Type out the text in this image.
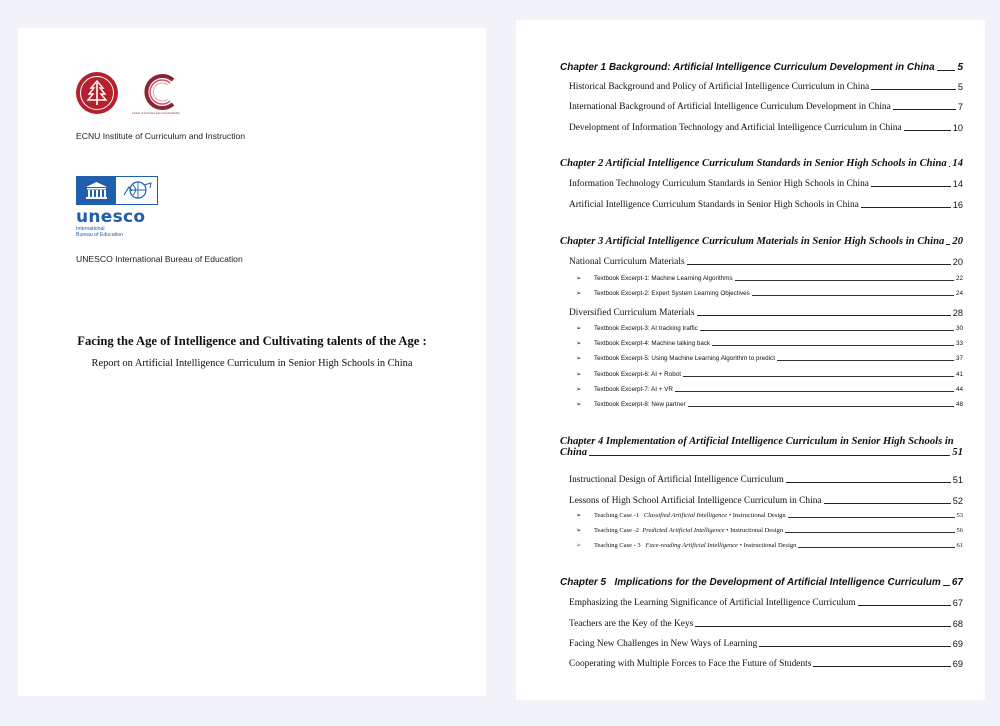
Institute of Curriculum and Instruction(ECNU)
ECNU Institute of Curriculum and Instruction
unesco
International
Bureau of Education
UNESCO International Bureau of Education
Facing the Age of Intelligence and Cultivating talents of the Age :
Report on Artificial Intelligence Curriculum in Senior High Schools in China
Chapter 1 Background: Artificial Intelligence Curriculum Development in China 5
Historical Background and Policy of Artificial Intelligence Curriculum in China	5
International Background of Artificial Intelligence Curriculum Development in China	7
Development of Information Technology and Artificial Intelligence Curriculum in China	10
Chapter 2 Artificial Intelligence Curriculum Standards in Senior High Schools in China 14
Information Technology Curriculum Standards in Senior High Schools in China	14
Artificial Intelligence Curriculum Standards in Senior High Schools in China	16
Chapter 3 Artificial Intelligence Curriculum Materials in Senior High Schools in China 20
National Curriculum Materials	20
➢ Textbook Excerpt-1: Machine Learning Algorithms	22
➢ Textbook Excerpt-2: Expert System Learning Objectives	24
Diversified Curriculum Materials	28
➢ Textbook Excerpt-3: AI tracking traffic	30
➢ Textbook Excerpt-4: Machine talking back	33
➢ Textbook Excerpt-5: Using Machine Learning Algorithm to predict	37
➢ Textbook Excerpt-6: AI + Robot	41
➢ Textbook Excerpt-7: AI + VR	44
➢ Textbook Excerpt-8: New partner	48
Chapter 4 Implementation of Artificial Intelligence Curriculum in Senior High Schools in
China	51
Instructional Design of Artificial Intelligence Curriculum	51
Lessons of High School Artificial Intelligence Curriculum in China	52
➢ Teaching Case -1 Classified Artificial Intelligence • Instructional Design	53
➢ Teaching Case -2 Predicted Artificial Intelligence • Instructional Design	56
➢ Teaching Case - 3 Face-reading Artificial Intelligence • Instructional Design	61
Chapter 5   Implications for the Development of Artificial Intelligence Curriculum 67
Emphasizing the Learning Significance of Artificial Intelligence Curriculum	67
Teachers are the Key of the Keys	68
Facing New Challenges in New Ways of Learning	69
Cooperating with Multiple Forces to Face the Future of Students	69
